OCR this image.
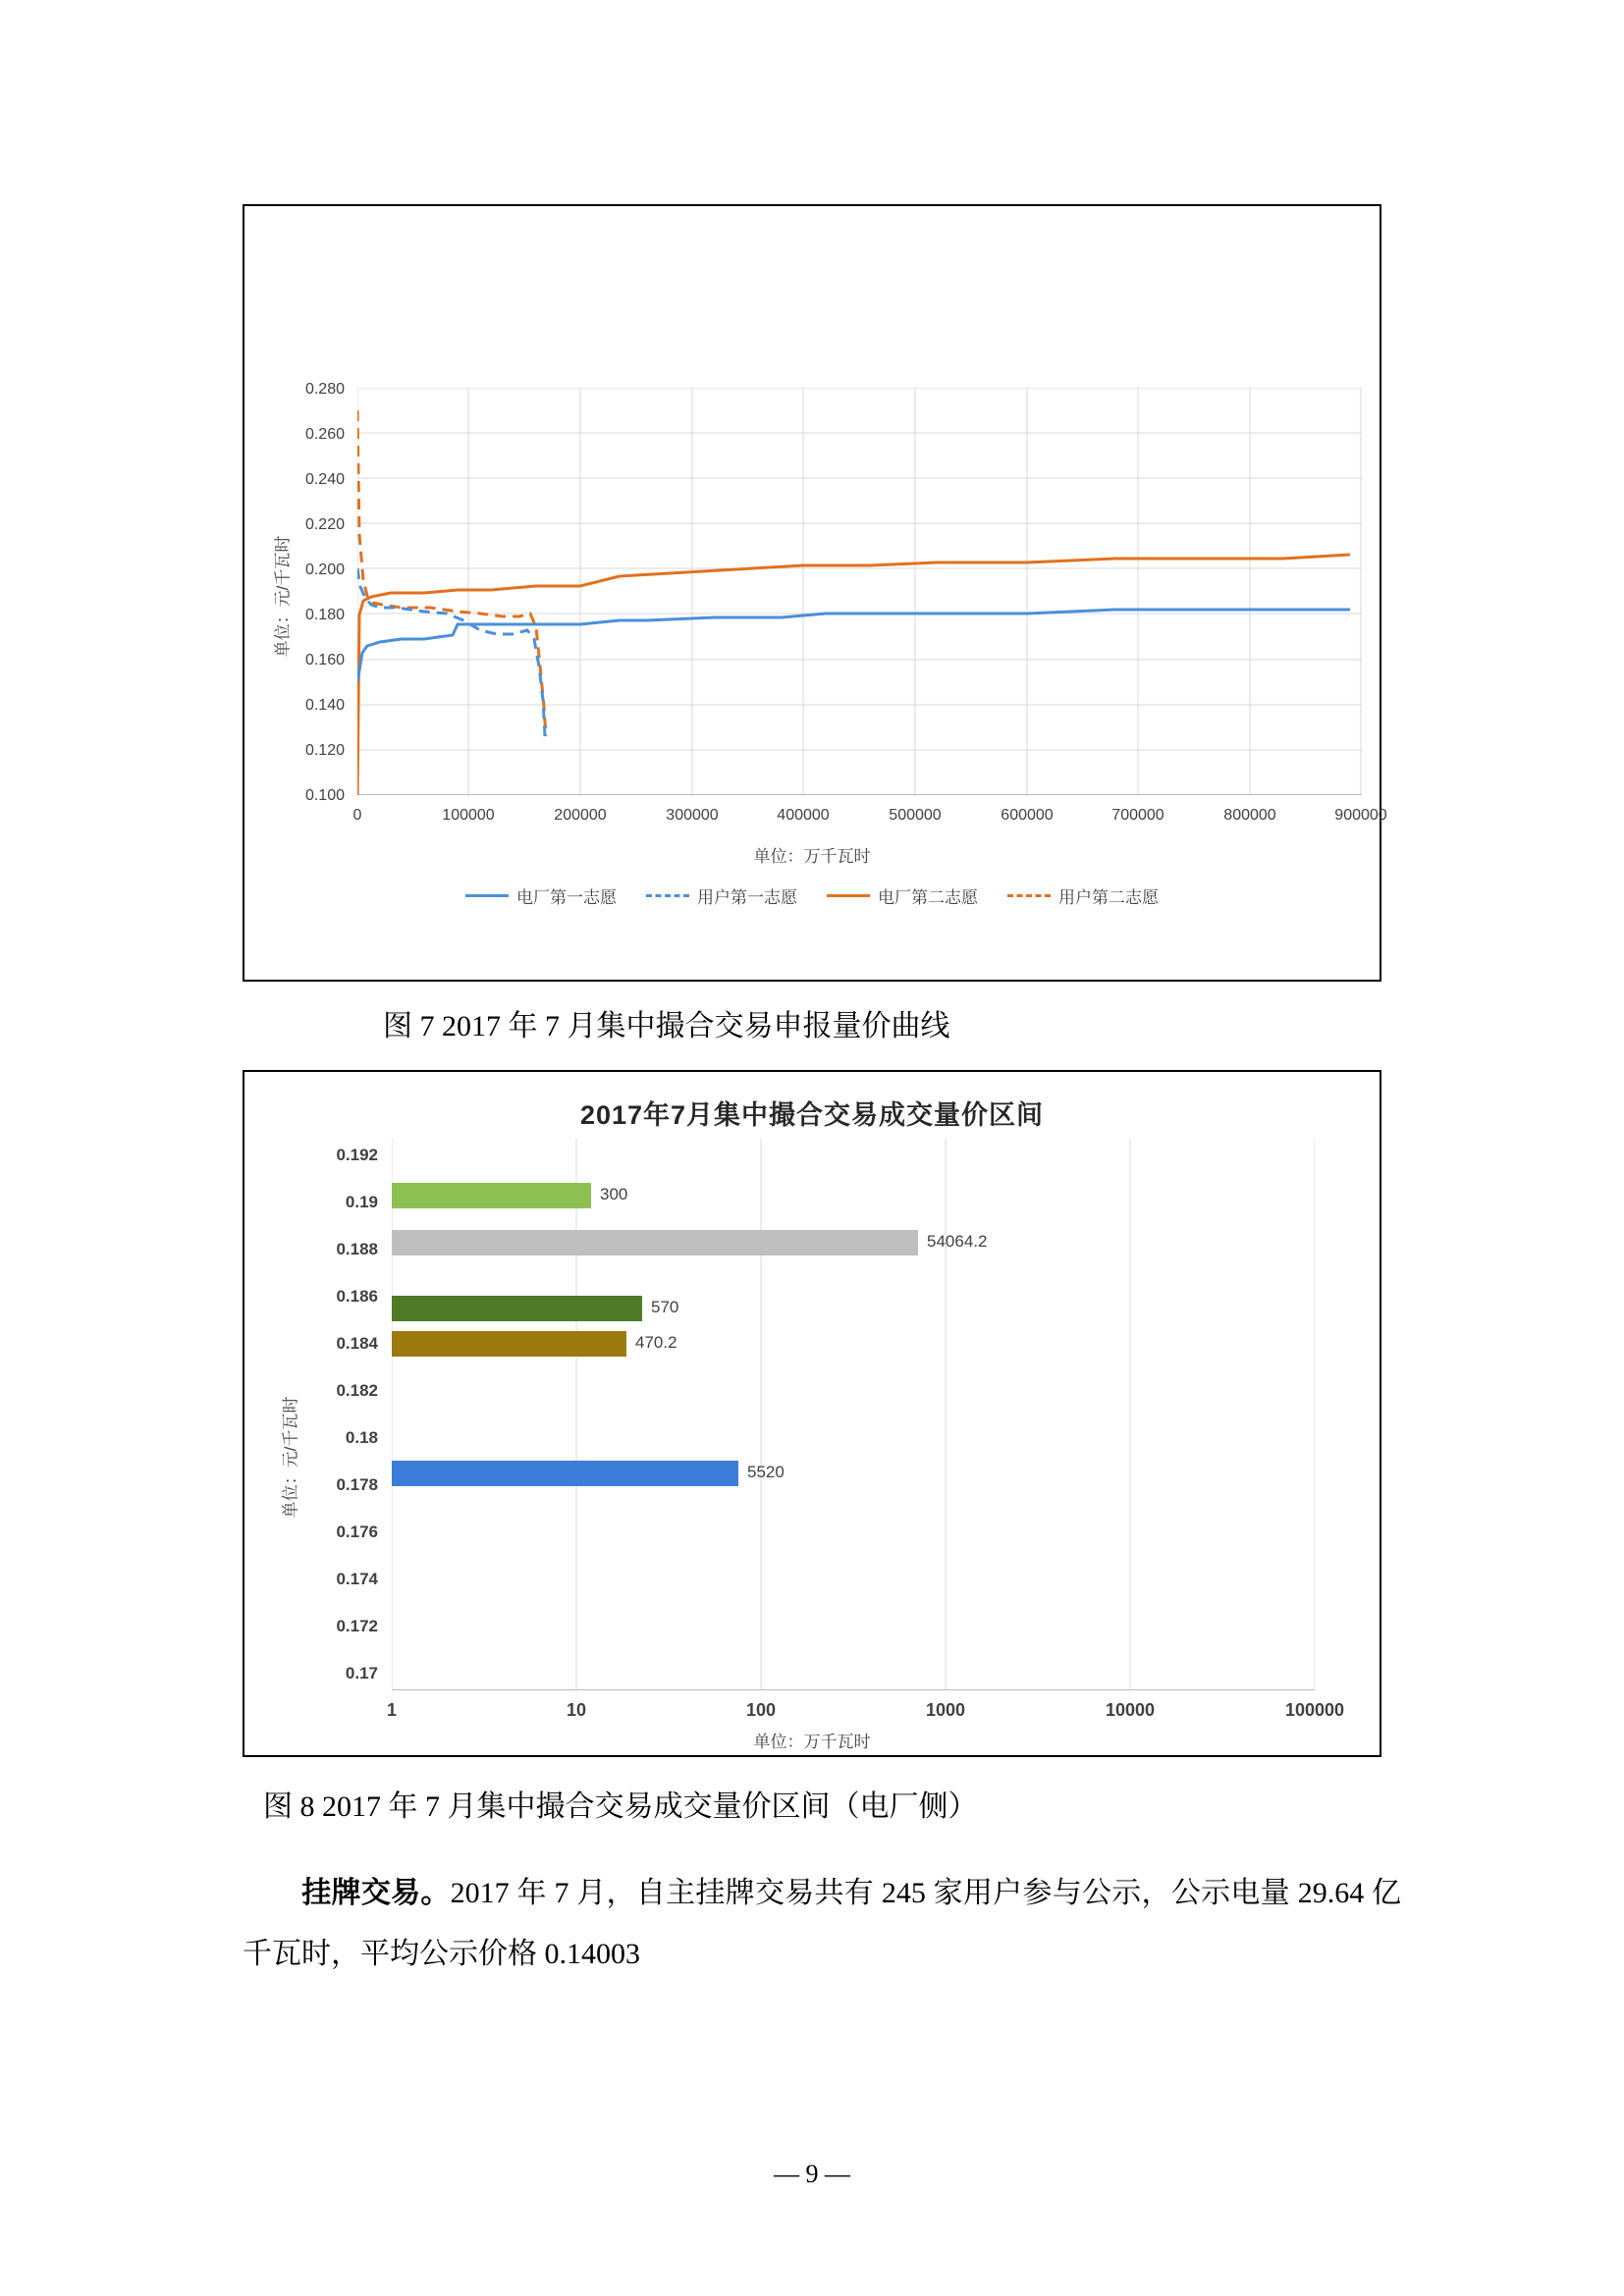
单位：元/千瓦时
0.100
0.120
0.140
0.160
0.180
0.200
0.220
0.240
0.260
0.280
0	100000	200000	300000	400000	500000	600000	700000	800000	900000
单位：万千瓦时
电厂第一志愿	用户第一志愿	电厂第二志愿	用户第二志愿
图 7 2017 年 7 月集中撮合交易申报量价曲线
2017年7月集中撮合交易成交量价区间
单位：元/千瓦时
0.192
0.19
0.188
0.186
0.184
0.182
0.18
0.178
0.176
0.174
0.172
0.17
300
54064.2
570
470.2
5520
1	10	100	1000	10000	100000
单位：万千瓦时
图 8 2017 年 7 月集中撮合交易成交量价区间（电厂侧）
挂牌交易。2017 年 7 月，自主挂牌交易共有 245 家用户参与公示，公示电量 29.64 亿千瓦时，平均公示价格 0.14003
— 9 —
